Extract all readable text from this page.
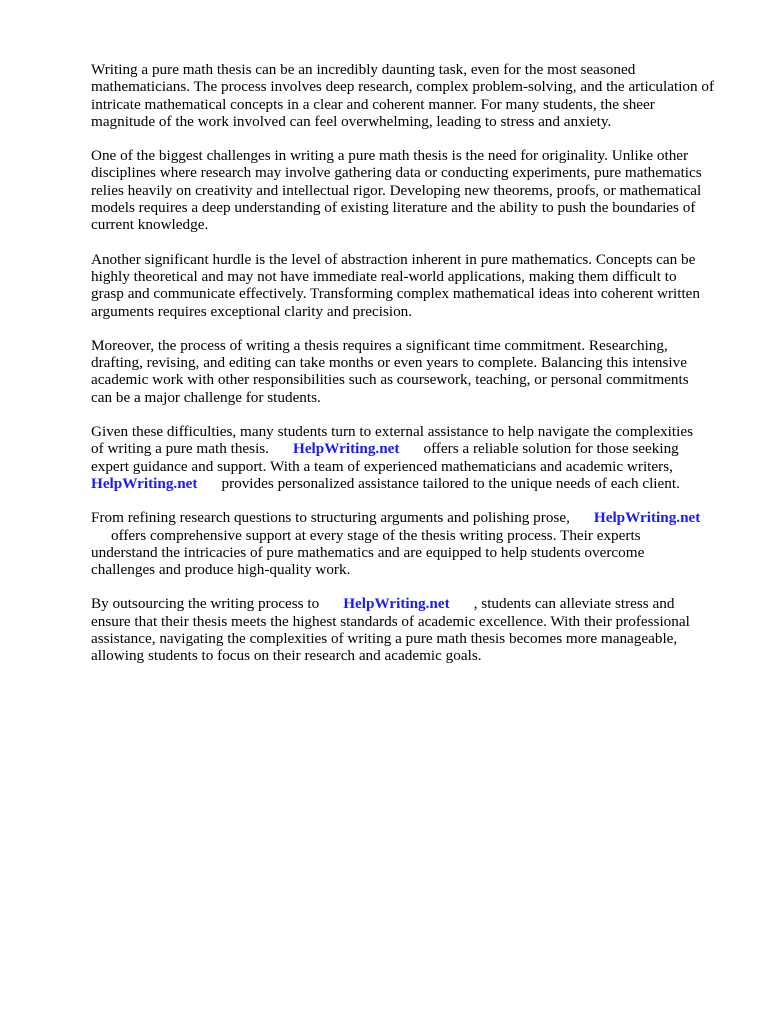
Writing a pure math thesis can be an incredibly daunting task, even for the most seasoned
mathematicians. The process involves deep research, complex problem-solving, and the articulation of
intricate mathematical concepts in a clear and coherent manner. For many students, the sheer
magnitude of the work involved can feel overwhelming, leading to stress and anxiety.

One of the biggest challenges in writing a pure math thesis is the need for originality. Unlike other
disciplines where research may involve gathering data or conducting experiments, pure mathematics
relies heavily on creativity and intellectual rigor. Developing new theorems, proofs, or mathematical
models requires a deep understanding of existing literature and the ability to push the boundaries of
current knowledge.

Another significant hurdle is the level of abstraction inherent in pure mathematics. Concepts can be
highly theoretical and may not have immediate real-world applications, making them difficult to
grasp and communicate effectively. Transforming complex mathematical ideas into coherent written
arguments requires exceptional clarity and precision.

Moreover, the process of writing a thesis requires a significant time commitment. Researching,
drafting, revising, and editing can take months or even years to complete. Balancing this intensive
academic work with other responsibilities such as coursework, teaching, or personal commitments
can be a major challenge for students.

Given these difficulties, many students turn to external assistance to help navigate the complexities
of writing a pure math thesis. HelpWriting.net offers a reliable solution for those seeking
expert guidance and support. With a team of experienced mathematicians and academic writers,
HelpWriting.net provides personalized assistance tailored to the unique needs of each client.

From refining research questions to structuring arguments and polishing prose, HelpWriting.net
offers comprehensive support at every stage of the thesis writing process. Their experts
understand the intricacies of pure mathematics and are equipped to help students overcome
challenges and produce high-quality work.

By outsourcing the writing process to HelpWriting.net , students can alleviate stress and
ensure that their thesis meets the highest standards of academic excellence. With their professional
assistance, navigating the complexities of writing a pure math thesis becomes more manageable,
allowing students to focus on their research and academic goals.
